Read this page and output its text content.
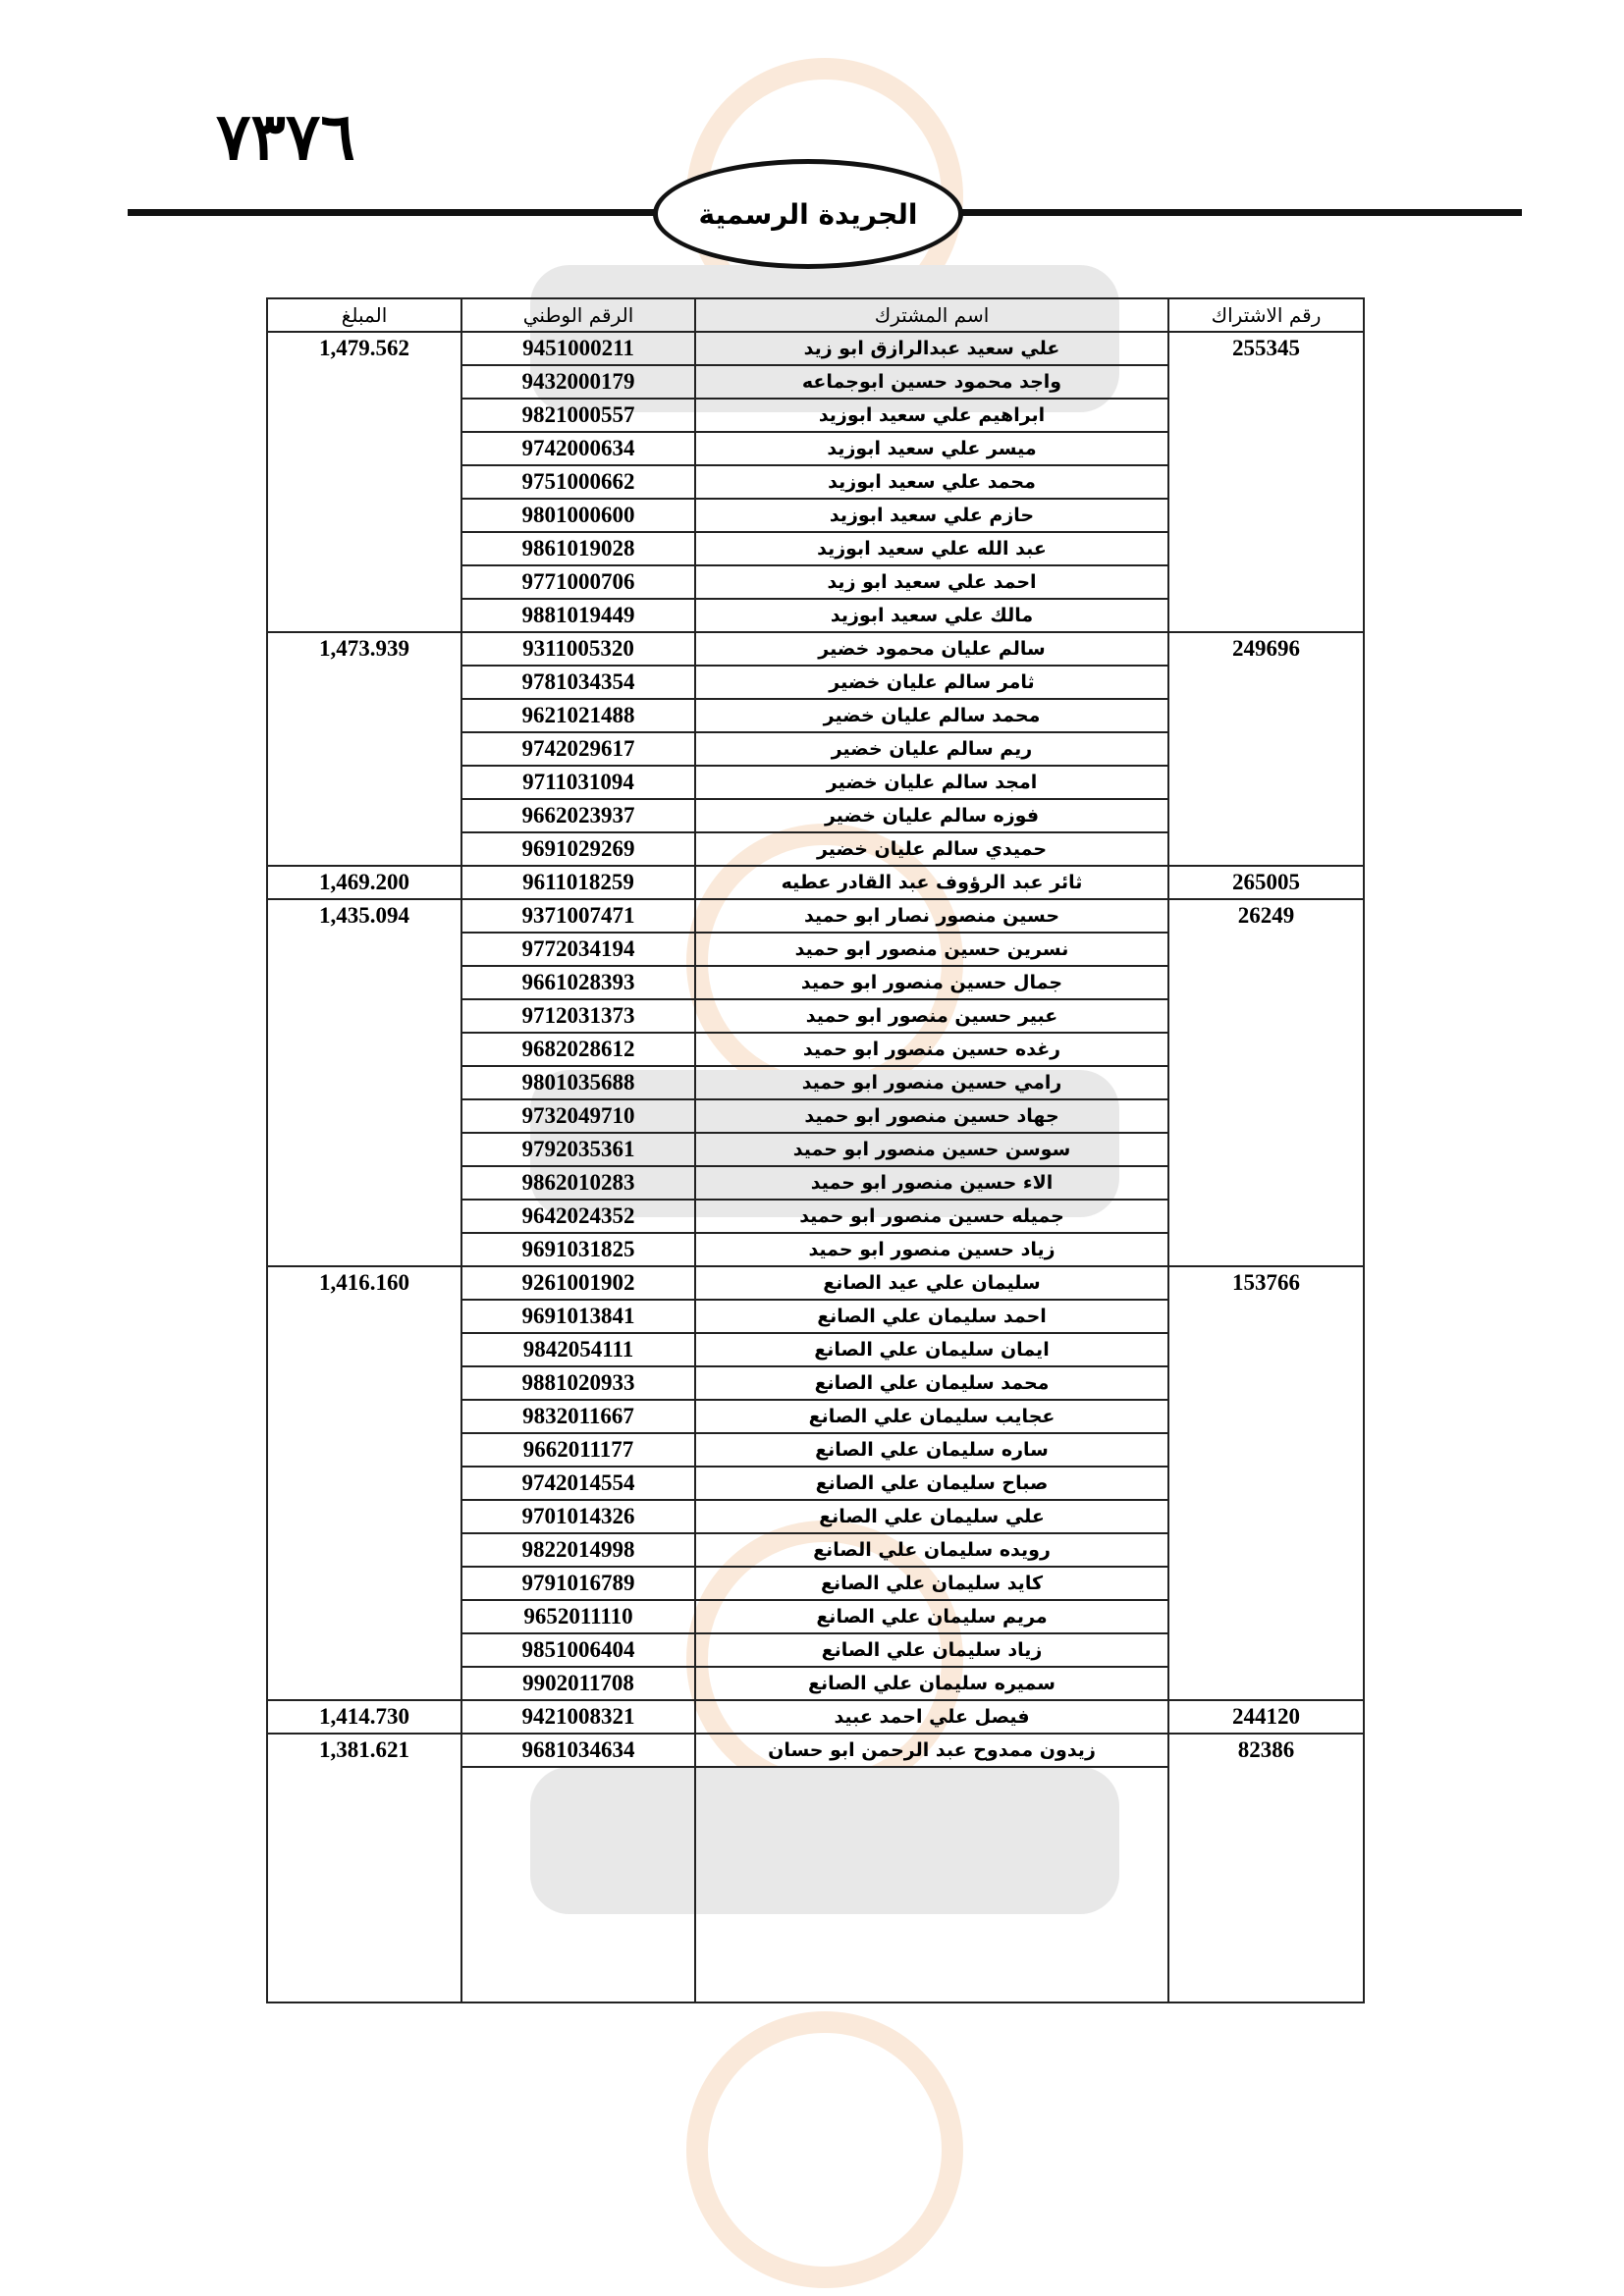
٧٣٧٦
الجريدة الرسمية
رقم الاشتراك	اسم المشترك	الرقم الوطني	المبلغ
255345	علي سعيد عبدالرازق ابو زيد	9451000211	1,479.562
	واجد محمود حسين ابوجماعه	9432000179	
	ابراهيم علي سعيد ابوزيد	9821000557	
	ميسر علي سعيد ابوزيد	9742000634	
	محمد علي سعيد ابوزيد	9751000662	
	حازم علي سعيد ابوزيد	9801000600	
	عبد الله علي سعيد ابوزيد	9861019028	
	احمد علي سعيد ابو زيد	9771000706	
	مالك علي سعيد ابوزيد	9881019449	
249696	سالم عليان محمود خضير	9311005320	1,473.939
	ثامر سالم عليان خضير	9781034354	
	محمد سالم عليان خضير	9621021488	
	ريم سالم عليان خضير	9742029617	
	امجد سالم عليان خضير	9711031094	
	فوزه سالم عليان خضير	9662023937	
	حميدي سالم عليان خضير	9691029269	
265005	ثائر عبد الرؤوف عبد القادر عطيه	9611018259	1,469.200
26249	حسين منصور نصار ابو حميد	9371007471	1,435.094
	نسرين حسين منصور ابو حميد	9772034194	
	جمال حسين منصور ابو حميد	9661028393	
	عبير حسين منصور ابو حميد	9712031373	
	رغده حسين منصور ابو حميد	9682028612	
	رامي حسين منصور ابو حميد	9801035688	
	جهاد حسين منصور ابو حميد	9732049710	
	سوسن حسين منصور ابو حميد	9792035361	
	الاء حسين منصور ابو حميد	9862010283	
	جميله حسين منصور ابو حميد	9642024352	
	زياد حسين منصور ابو حميد	9691031825	
153766	سليمان علي عيد الصانع	9261001902	1,416.160
	احمد سليمان علي الصانع	9691013841	
	ايمان سليمان علي الصانع	9842054111	
	محمد سليمان علي الصانع	9881020933	
	عجايب سليمان علي الصانع	9832011667	
	ساره سليمان علي الصانع	9662011177	
	صباح سليمان علي الصانع	9742014554	
	علي سليمان علي الصانع	9701014326	
	رويده سليمان علي الصانع	9822014998	
	كايد سليمان علي الصانع	9791016789	
	مريم سليمان علي الصانع	9652011110	
	زياد سليمان علي الصانع	9851006404	
	سميره سليمان علي الصانع	9902011708	
244120	فيصل علي احمد عبيد	9421008321	1,414.730
82386	زيدون ممدوح عبد الرحمن ابو حسان	9681034634	1,381.621
